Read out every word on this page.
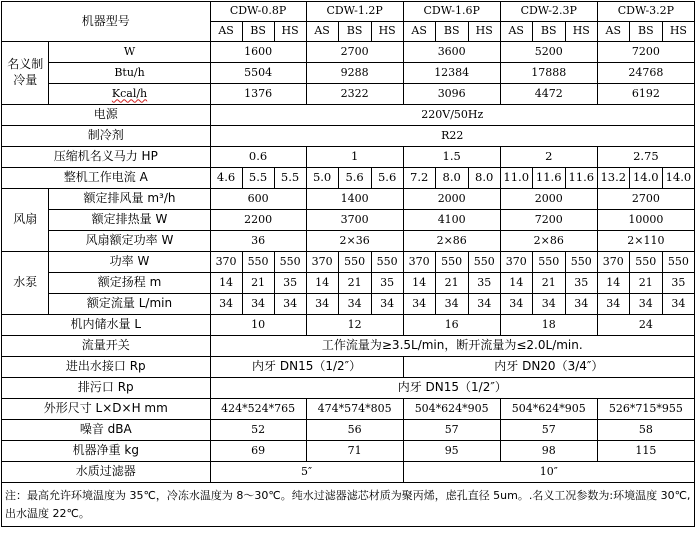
机器型号		CDW-0.8P			CDW-1.2P			CDW-1.6P			CDW-2.3P			CDW-3.2P		
		AS	BS	HS	AS	BS	HS	AS	BS	HS	AS	BS	HS	AS	BS	HS
名义制冷量	W	1600			2700			3600			5200			7200		
	Btu/h	5504			9288			12384			17888			24768		
	Kcal/h	1376			2322			3096			4472			6192		
电源		220V/50Hz														
制冷剂		R22														
压缩机名义马力 HP		0.6			1			1.5			2			2.75		
整机工作电流 A		4.6	5.5	5.5	5.0	5.6	5.6	7.2	8.0	8.0	11.0	11.6	11.6	13.2	14.0	14.0
风扇	额定排风量 m³/h	600			1400			2000			2000			2700		
	额定排热量 W	2200			3700			4100			7200			10000		
	风扇额定功率 W	36			2×36			2×86			2×86			2×110		
水泵	功率 W	370	550	550	370	550	550	370	550	550	370	550	550	370	550	550
	额定扬程 m	14	21	35	14	21	35	14	21	35	14	21	35	14	21	35
	额定流量 L/min	34	34	34	34	34	34	34	34	34	34	34	34	34	34	34
机内储水量 L		10			12			16			18			24		
流量开关		工作流量为≥3.5L/min，断开流量为≤2.0L/min.														
进出水接口 Rp		内牙 DN15（1/2″）						内牙 DN20（3/4″）								
排污口 Rp		内牙 DN15（1/2″）														
外形尺寸 L×D×H mm		424*524*765			474*574*805			504*624*905			504*624*905			526*715*955		
噪音 dBA		52			56			57			57			58		
机器净重 kg		69			71			95			98			115		
水质过滤器		5″						10″								
注：最高允许环境温度为 35℃，冷冻水温度为 8～30℃。纯水过滤器滤芯材质为聚丙烯，虑孔直径 5um。.名义工况参数为:环境温度 30℃,出水温度 22℃。																
